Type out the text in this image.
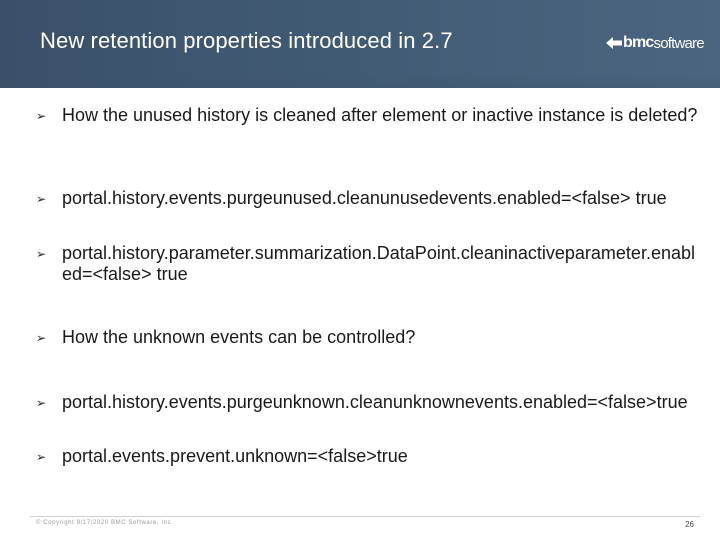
New retention properties introduced in 2.7	bmc software
➢ How the unused history is cleaned after element or inactive instance is deleted?
➢ portal.history.events.purgeunused.cleanunusedevents.enabled=<false> true
➢ portal.history.parameter.summarization.DataPoint.cleaninactiveparameter.enabled=<false> true
➢ How the unknown events can be controlled?
➢ portal.history.events.purgeunknown.cleanunknownevents.enabled=<false>true
➢ portal.events.prevent.unknown=<false>true
© Copyright 9/17/2020 BMC Software, Inc.	26
